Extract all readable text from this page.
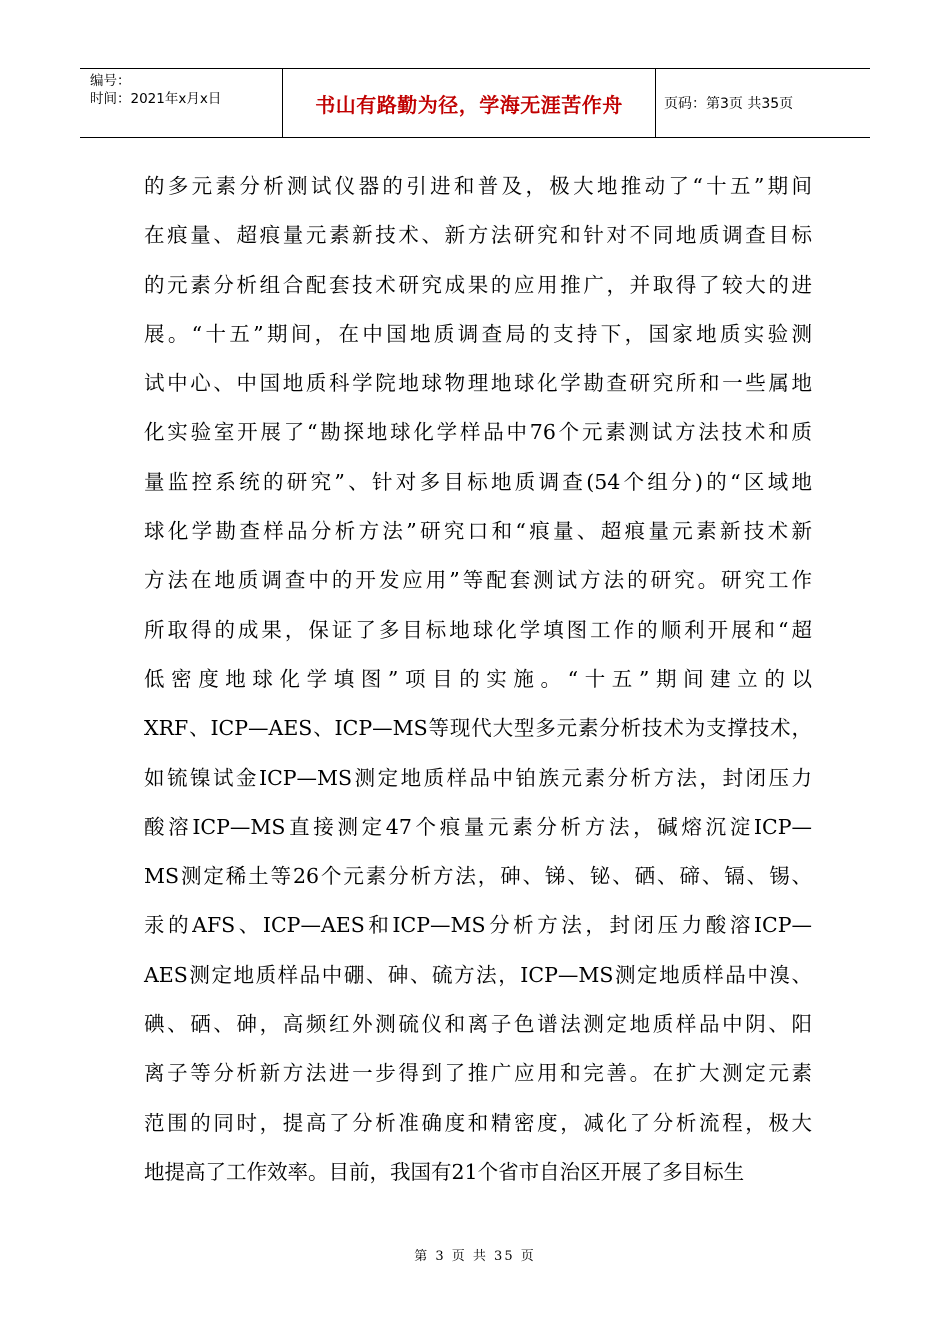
编号：
时间：2021年x月x日	书山有路勤为径，学海无涯苦作舟	页码：第3页 共35页
的多元素分析测试仪器的引进和普及，极大地推动了“十五”期间
在痕量、超痕量元素新技术、新方法研究和针对不同地质调查目标
的元素分析组合配套技术研究成果的应用推广，并取得了较大的进
展。“十五”期间，在中国地质调查局的支持下，国家地质实验测
试中心、中国地质科学院地球物理地球化学勘查研究所和一些属地
化实验室开展了“勘探地球化学样品中76个元素测试方法技术和质
量监控系统的研究”、针对多目标地质调查(54个组分)的“区域地
球化学勘查样品分析方法”研究口和“痕量、超痕量元素新技术新
方法在地质调查中的开发应用”等配套测试方法的研究。研究工作
所取得的成果，保证了多目标地球化学填图工作的顺利开展和“超
低密度地球化学填图”项目的实施。“十五”期间建立的以
XRF、ICP—AES、ICP—MS等现代大型多元素分析技术为支撑技术，
如锍镍试金ICP—MS测定地质样品中铂族元素分析方法，封闭压力
酸溶ICP—MS直接测定47个痕量元素分析方法，碱熔沉淀ICP—
MS测定稀土等26个元素分析方法，砷、锑、铋、硒、碲、镉、锡、
汞的AFS、ICP—AES和ICP—MS分析方法，封闭压力酸溶ICP—
AES测定地质样品中硼、砷、硫方法，ICP—MS测定地质样品中溴、
碘、硒、砷，高频红外测硫仪和离子色谱法测定地质样品中阴、阳
离子等分析新方法进一步得到了推广应用和完善。在扩大测定元素
范围的同时，提高了分析准确度和精密度，减化了分析流程，极大
地提高了工作效率。目前，我国有21个省市自治区开展了多目标生
第 3 页 共 35 页
